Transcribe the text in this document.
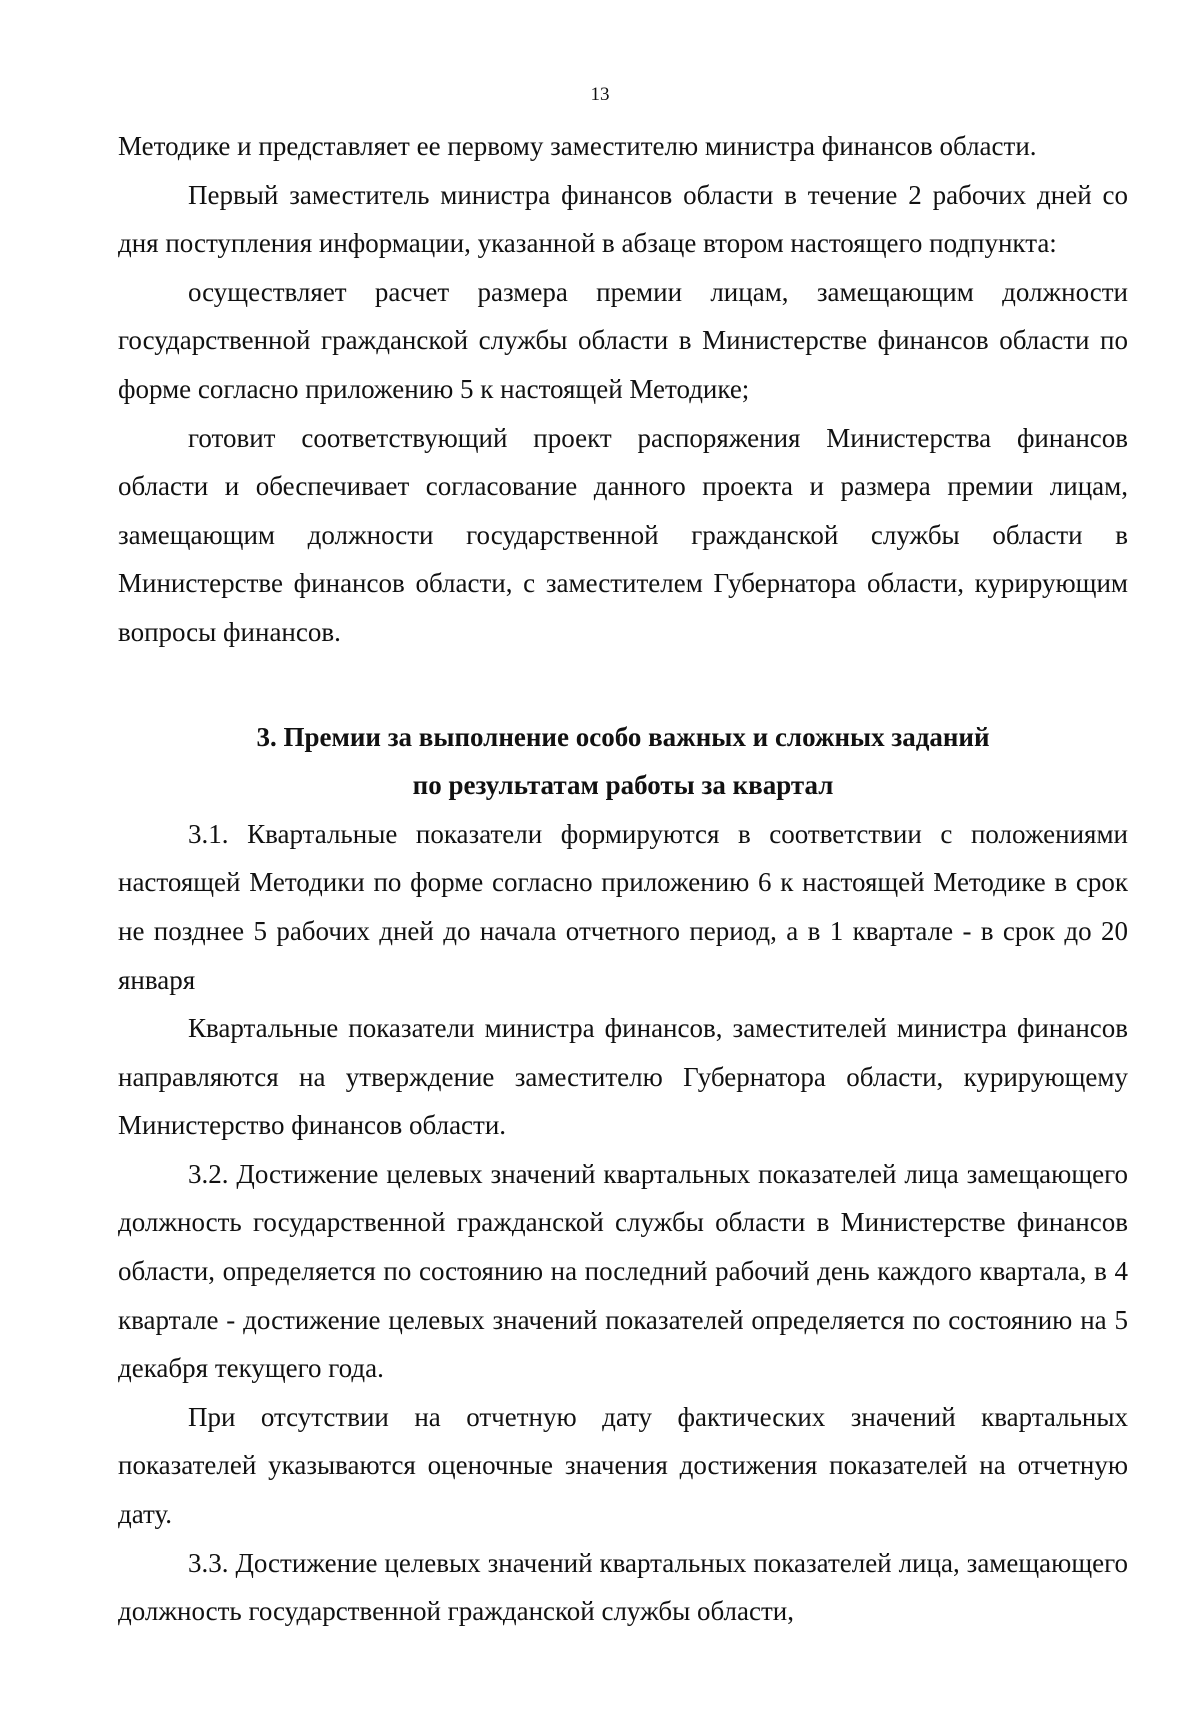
13

Методике и представляет ее первому заместителю министра финансов области.

Первый заместитель министра финансов области в течение 2 рабочих дней со дня поступления информации, указанной в абзаце втором настоящего подпункта:

осуществляет расчет размера премии лицам, замещающим должности государственной гражданской службы области в Министерстве финансов области по форме согласно приложению 5 к настоящей Методике;

готовит соответствующий проект распоряжения Министерства финансов области и обеспечивает согласование данного проекта и размера премии лицам, замещающим должности государственной гражданской службы области в Министерстве финансов области, с заместителем Губернатора области, курирующим вопросы финансов.

3. Премии за выполнение особо важных и сложных заданий

по результатам работы за квартал

3.1. Квартальные показатели формируются в соответствии с положениями настоящей Методики по форме согласно приложению 6 к настоящей Методике в срок не позднее 5 рабочих дней до начала отчетного период, а в 1 квартале - в срок до 20 января

Квартальные показатели министра финансов, заместителей министра финансов направляются на утверждение заместителю Губернатора области, курирующему Министерство финансов области.

3.2. Достижение целевых значений квартальных показателей лица замещающего должность государственной гражданской службы области в Министерстве финансов области, определяется по состоянию на последний рабочий день каждого квартала, в 4 квартале - достижение целевых значений показателей определяется по состоянию на 5 декабря текущего года.

При отсутствии на отчетную дату фактических значений квартальных показателей указываются оценочные значения достижения показателей на отчетную дату.

3.3. Достижение целевых значений квартальных показателей лица, замещающего должность государственной гражданской службы области,
